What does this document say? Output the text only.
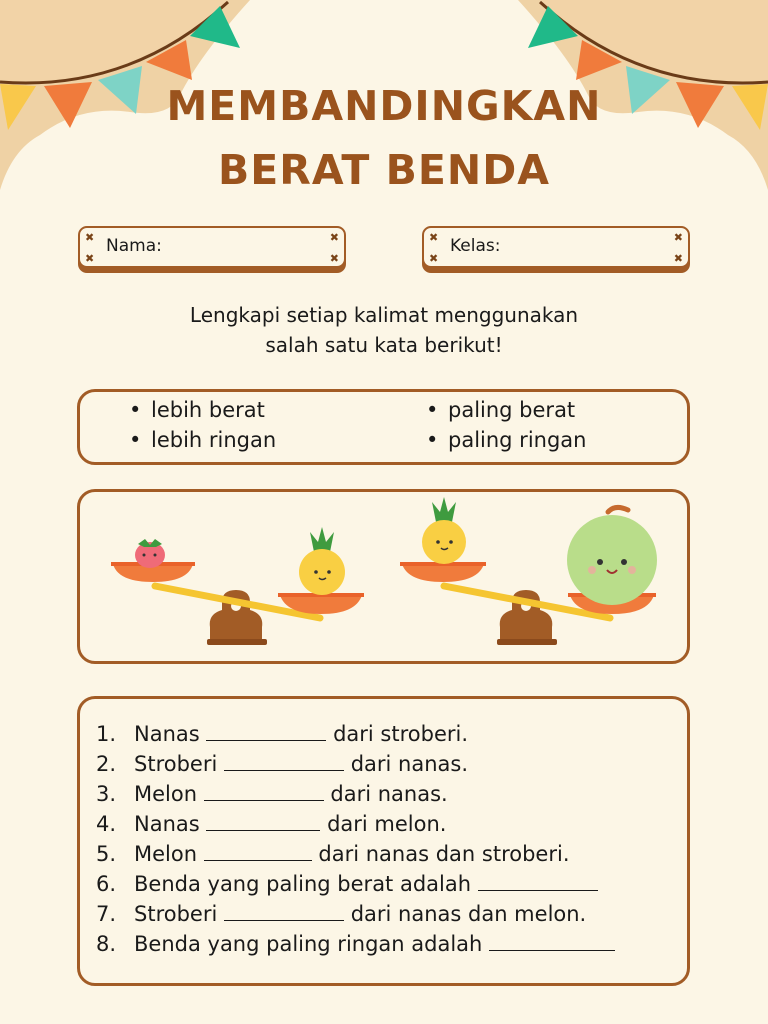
MEMBANDINGKAN
BERAT BENDA
✖
✖
✖
✖
Nama:	✖
✖
✖
✖
Kelas:
Lengkapi setiap kalimat menggunakan
salah satu kata berikut!
• lebih berat
• lebih ringan
• paling berat
• paling ringan
1. Nanas	dari stroberi.
2. Stroberi	dari nanas.
3. Melon	dari nanas.
4. Nanas	dari melon.
5. Melon	dari nanas dan stroberi.
6. Benda yang paling berat adalah
7. Stroberi	dari nanas dan melon.
8. Benda yang paling ringan adalah
